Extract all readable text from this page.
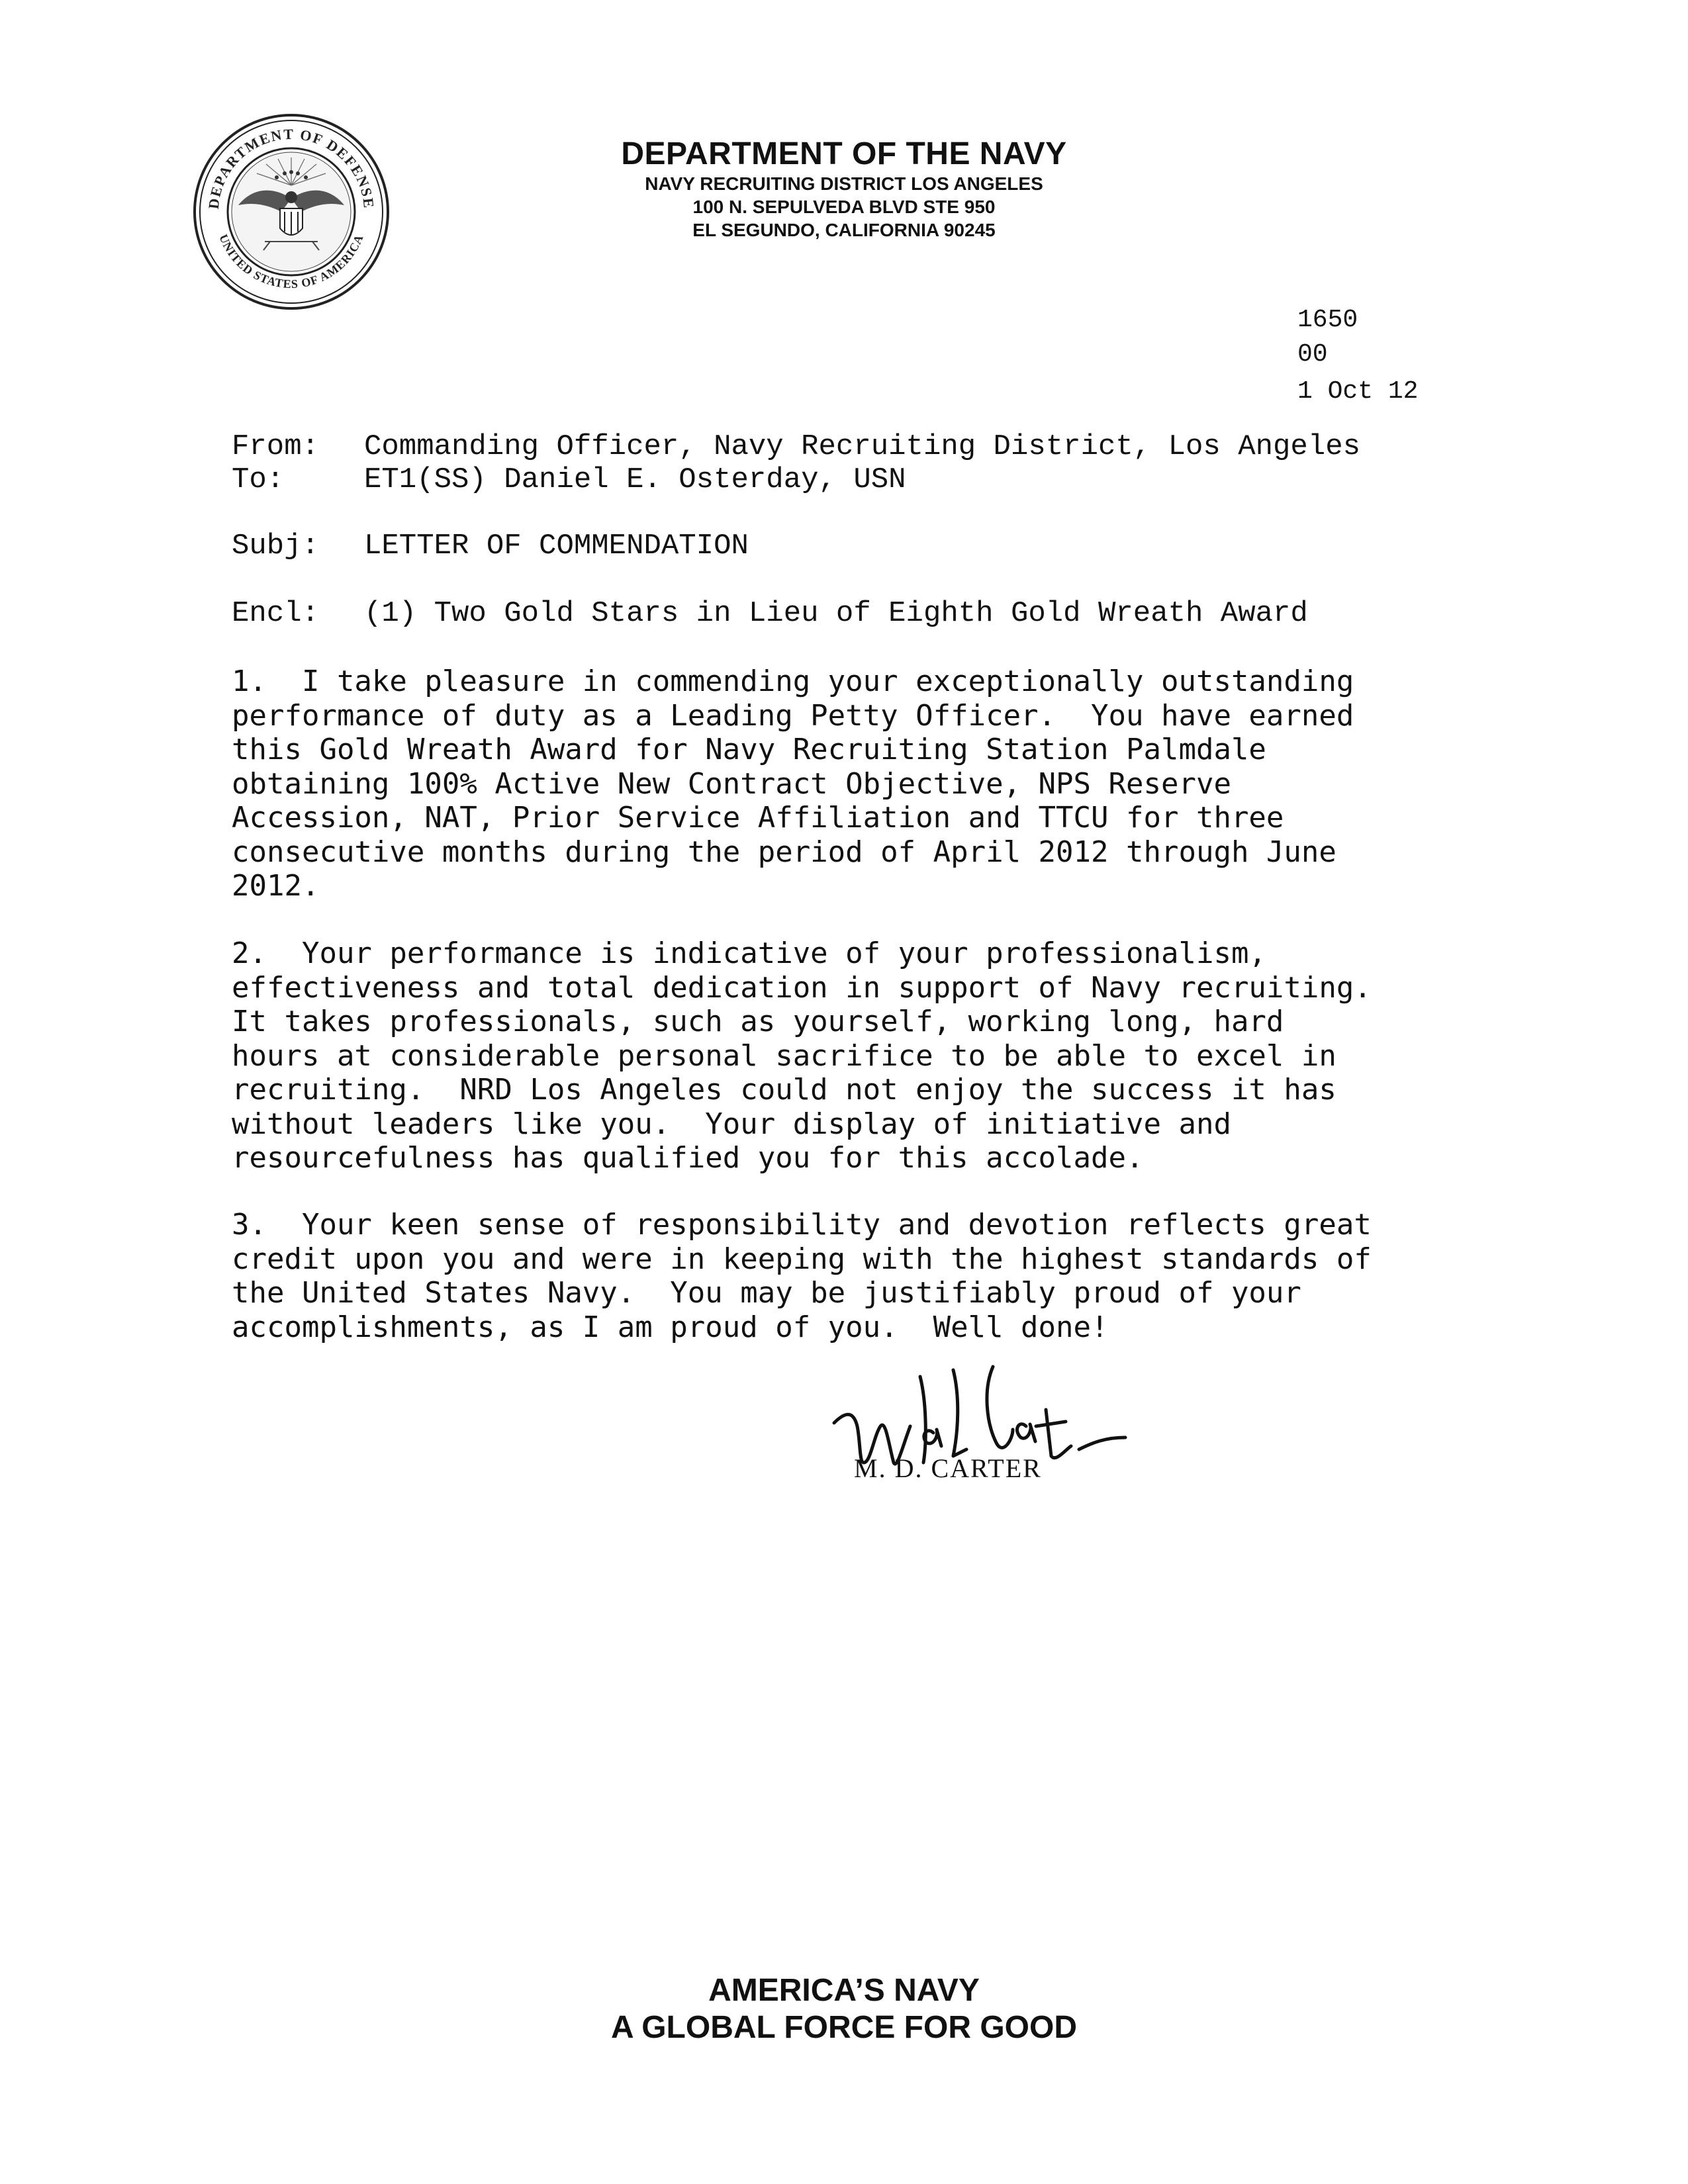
DEPARTMENT OF DEFENSE
UNITED STATES OF AMERICA
DEPARTMENT OF THE NAVY
NAVY RECRUITING DISTRICT LOS ANGELES
100 N. SEPULVEDA BLVD STE 950
EL SEGUNDO, CALIFORNIA 90245
1650
00
1 Oct 12
From: Commanding Officer, Navy Recruiting District, Los Angeles
To:	ET1(SS) Daniel E. Osterday, USN
Subj: LETTER OF COMMENDATION
Encl: (1) Two Gold Stars in Lieu of Eighth Gold Wreath Award
1.  I take pleasure in commending your exceptionally outstanding
performance of duty as a Leading Petty Officer.  You have earned
this Gold Wreath Award for Navy Recruiting Station Palmdale
obtaining 100% Active New Contract Objective, NPS Reserve
Accession, NAT, Prior Service Affiliation and TTCU for three
consecutive months during the period of April 2012 through June
2012.
2.  Your performance is indicative of your professionalism,
effectiveness and total dedication in support of Navy recruiting.
It takes professionals, such as yourself, working long, hard
hours at considerable personal sacrifice to be able to excel in
recruiting.  NRD Los Angeles could not enjoy the success it has
without leaders like you.  Your display of initiative and
resourcefulness has qualified you for this accolade.
3.  Your keen sense of responsibility and devotion reflects great
credit upon you and were in keeping with the highest standards of
the United States Navy.  You may be justifiably proud of your
accomplishments, as I am proud of you.  Well done!
M. D. CARTER
AMERICA’S NAVY
A GLOBAL FORCE FOR GOOD
